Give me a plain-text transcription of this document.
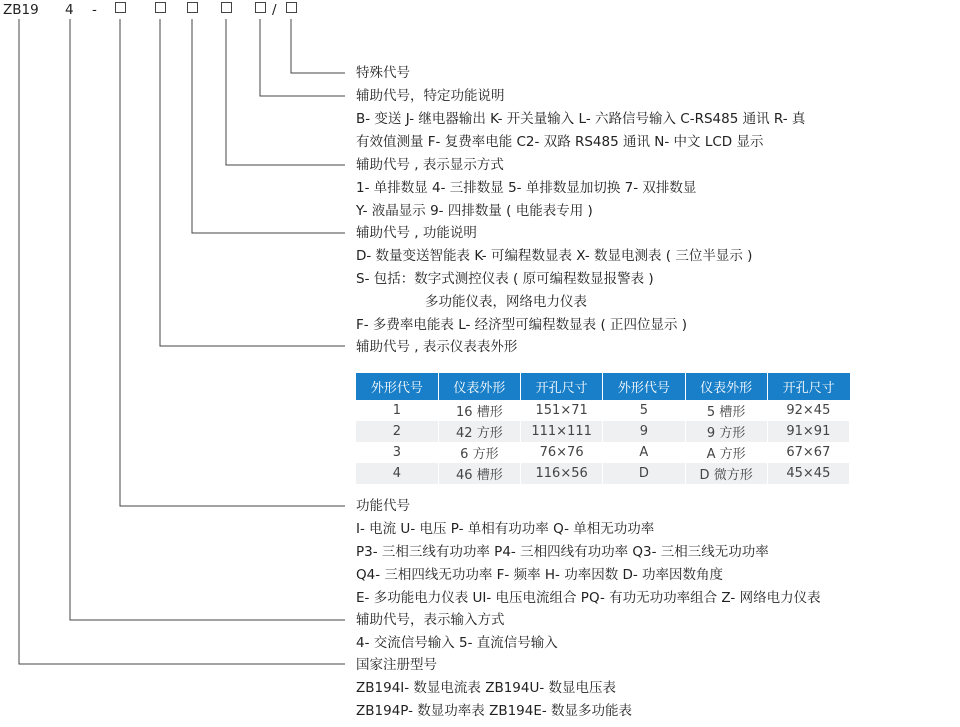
ZB19 4 -	/
特殊代号
辅助代号，特定功能说明
B- 变送 J- 继电器输出 K- 开关量输入 L- 六路信号输入 C-RS485 通讯 R- 真
有效值测量 F- 复费率电能 C2- 双路 RS485 通讯 N- 中文 LCD 显示
辅助代号 , 表示显示方式
1- 单排数显 4- 三排数显 5- 单排数显加切换 7- 双排数显
Y- 液晶显示 9- 四排数量 ( 电能表专用 )
辅助代号 , 功能说明
D- 数量变送智能表 K- 可编程数显表 X- 数显电测表 ( 三位半显示 )
S- 包括：数字式测控仪表 ( 原可编程数显报警表 )
多功能仪表，网络电力仪表
F- 多费率电能表 L- 经济型可编程数显表 ( 正四位显示 )
辅助代号 , 表示仪表表外形
外形代号	仪表外形	开孔尺寸	外形代号	仪表外形	开孔尺寸
1	16 槽形	151×71	5	5 槽形	92×45
2	42 方形	111×111	9	9 方形	91×91
3	6 方形	76×76	A	A 方形	67×67
4	46 槽形	116×56	D	D 微方形	45×45
功能代号
I- 电流 U- 电压 P- 单相有功功率 Q- 单相无功功率
P3- 三相三线有功功率 P4- 三相四线有功功率 Q3- 三相三线无功功率
Q4- 三相四线无功功率 F- 频率 H- 功率因数 D- 功率因数角度
E- 多功能电力仪表 UI- 电压电流组合 PQ- 有功无功功率组合 Z- 网络电力仪表
辅助代号，表示输入方式
4- 交流信号输入 5- 直流信号输入
国家注册型号
ZB194I- 数显电流表 ZB194U- 数显电压表
ZB194P- 数显功率表 ZB194E- 数显多功能表
